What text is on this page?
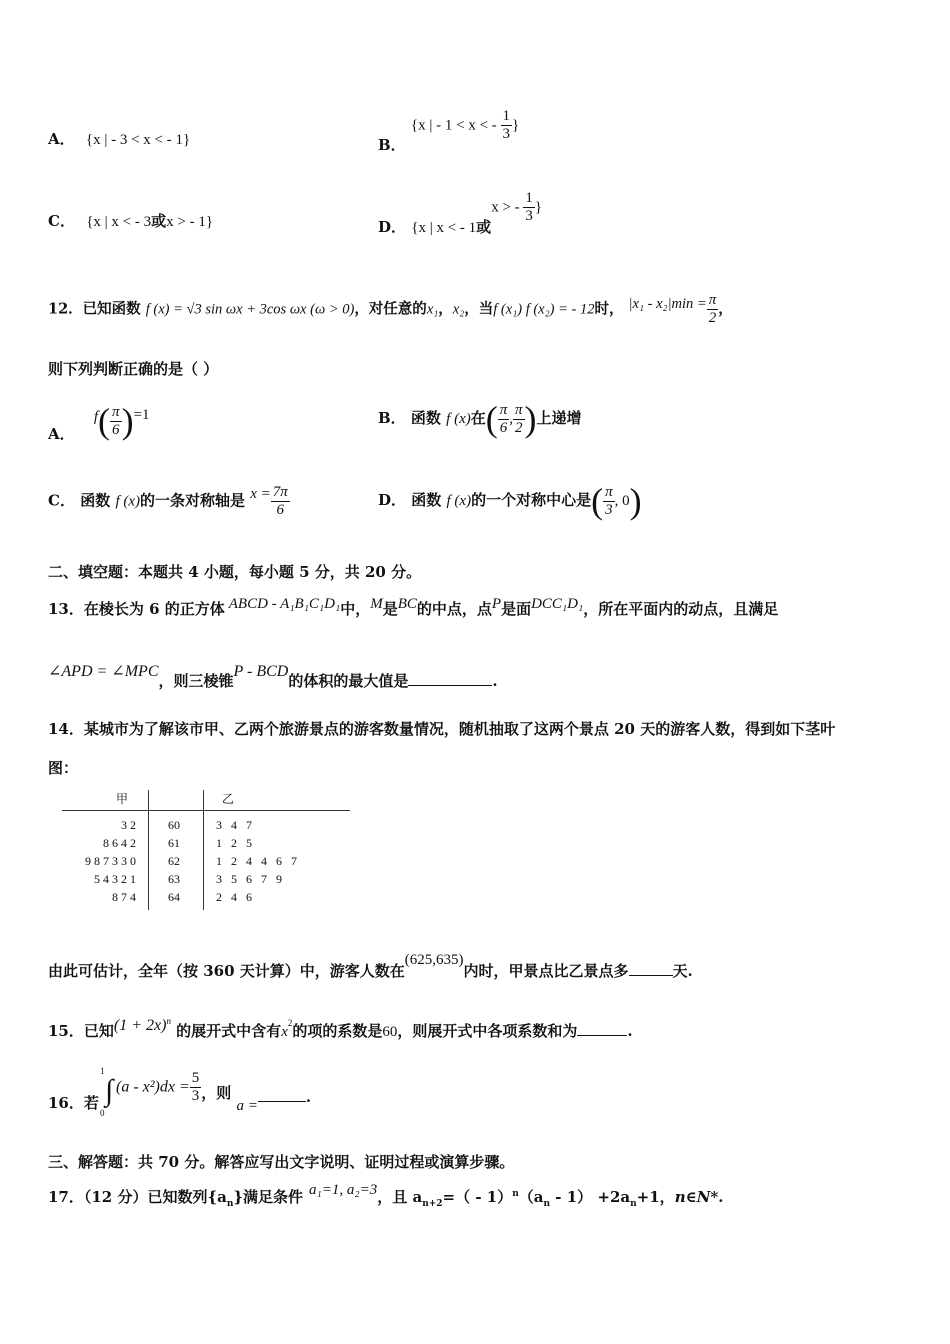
A． {x | - 3 < x < - 1}	B． {x | - 1 < x < - $\frac{1}{3}$ }
C． {x | x < - 3或x > - 1}	D． {x | x < - 1或x > - $\frac{1}{3}$ }
12．已知函数 f (x) = √3 sin ωx + 3cos ωx (ω > 0)，对任意的x₁，x₂，当f (x₁) f (x₂) = - 12时， $|x_1 - x_2|\min = \frac{\pi}{2}$ ，
则下列判断正确的是（ ）
A． $f( \frac{\pi}{6} )=1$	B． 函数 f (x)在( $\frac{\pi}{6}$ , $\frac{\pi}{2}$ )上递增
C． 函数 f (x)的一条对称轴是 $x = \frac{7\pi}{6}$	D． 函数 f (x)的一个对称中心是( $\frac{\pi}{3}$ , 0)
二、填空题：本题共 4 小题，每小题 5 分，共 20 分。
13．在棱长为 6 的正方体 ABCD - A₁B₁C₁D₁中，M是BC的中点，点P是面DCC₁D₁，所在平面内的动点，且满足
∠APD = ∠MPC，则三棱锥P - BCD的体积的最大值是	.
14．某城市为了解该市甲、乙两个旅游景点的游客数量情况，随机抽取了这两个景点 20 天的游客人数，得到如下茎叶
图：
甲	乙
3 2	60	3 4 7
8 6 4 2	61	1 2 5
9 8 7 3 3 0	62	1 2 4 4 6 7
5 4 3 2 1	63	3 5 6 7 9
8 7 4	64	2 4 6
由此可估计，全年（按 360 天计算）中，游客人数在(625,635)内时，甲景点比乙景点多	天.
15．已知$(1 + 2x)^n$ 的展开式中含有$x^2$的项的系数是60，则展开式中各项系数和为	.
16．若
1
∫
0
$(a - x^2)dx = \frac{5}{3}$ ，则 a =	.
三、解答题：共 70 分。解答应写出文字说明、证明过程或演算步骤。
17．（12 分）已知数列$\{a_n\}$满足条件 a₁=1, a₂=3，且 $a_{n+2}=( - 1)^n(a_n - 1) +2a_n+1$，n∈N*.
